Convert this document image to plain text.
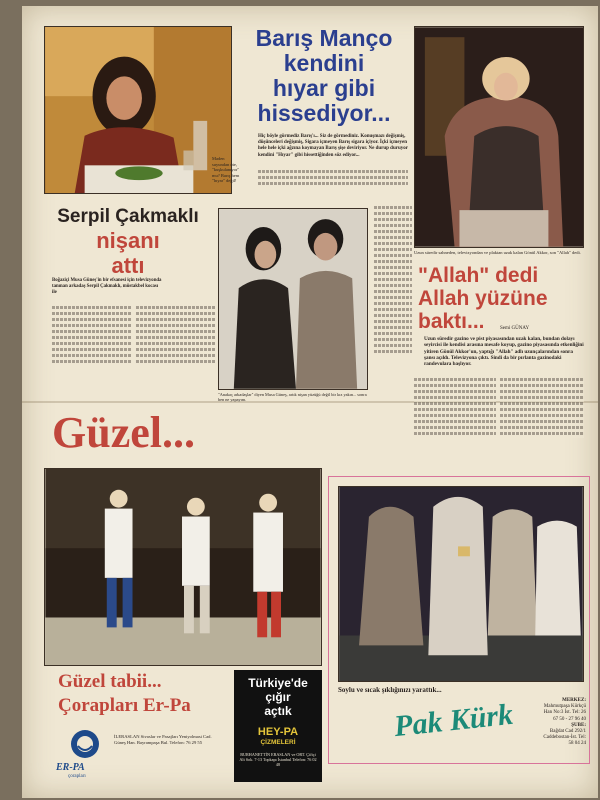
Maden suyundan öte, "kuşkulanıyor" mu? Barış hem "hıyar" değil!
Barış Manço
kendini
hıyar gibi
hissediyor...
Hiç böyle görmediz Barış'ı... Siz de görmediniz. Konuşmazı değişmiş, düşünceleri değişmiş, Sigara içmeyen Barış sigara içiyor. İçki içmeyen hele hele içki ağzına koymayan Barış şişe deviriyor. Ne durup duruyor kendini "Hıyar" gibi hissettiğinden söz ediyor...
Uzun süredir sahneden, televizyondan ve plaktan uzak kalan Gönül Akkor, son "Allah" dedi.
Serpil Çakmaklı
nişanı
attı
Boğaziçi Musa Güneş'in bir efsanesi için televizyonda tanınan arkadaş Serpil Çakmaklı, müstakbel kocası ile
"Anakaç arkadaşlar" diyen Musa Güneş, artık nişan yüzüğü değil bir kız yakın... sonra ben ne yapayım.
"Allah" dedi
Allah yüzüne
baktı...	Semi GÜNAY
Uzun süredir gazino ve pist piyasasından uzak kalan, bundan dolayı seyircisi ile kendisi arasına mesafe koyup, gazino piyasasında etkenliğini yitiren Gönül Akkor'un, yaptığı "Allah" adlı uzunçalarından sonra şansı açıldı. Televizyona çıktı. Sindi da bir pırlanta gazinodaki randevulara başlıyor.
Güzel...
Soylu ve sıcak şıklığınızı yarattık...
Güzel tabii...
Çorapları Er-Pa
ER-PA
çorapları
İLERASLAN Sivaslar ve Pasajları Yeniyolmasi Cad. Güneş Han. Bayrampaşa Bul. Telefon: 76 29 55
Türkiye'de
çığır
açtık
HEY-PA
ÇİZMELERİ
BURHANETTİN ERASLAN ve ORT. Çiftçi Alt Sok. 7-13 Topkapı İstanbul Telefon: 76 02 48
Pak Kürk	MERKEZ:
Mahmutpaşa Kürkçü Han No:3 İst. Tel: 26 67 50 - 27 96 40
ŞUBE:
Bağdat Cad 292/1 Caddebostan-İst. Tel: 58 04 24
